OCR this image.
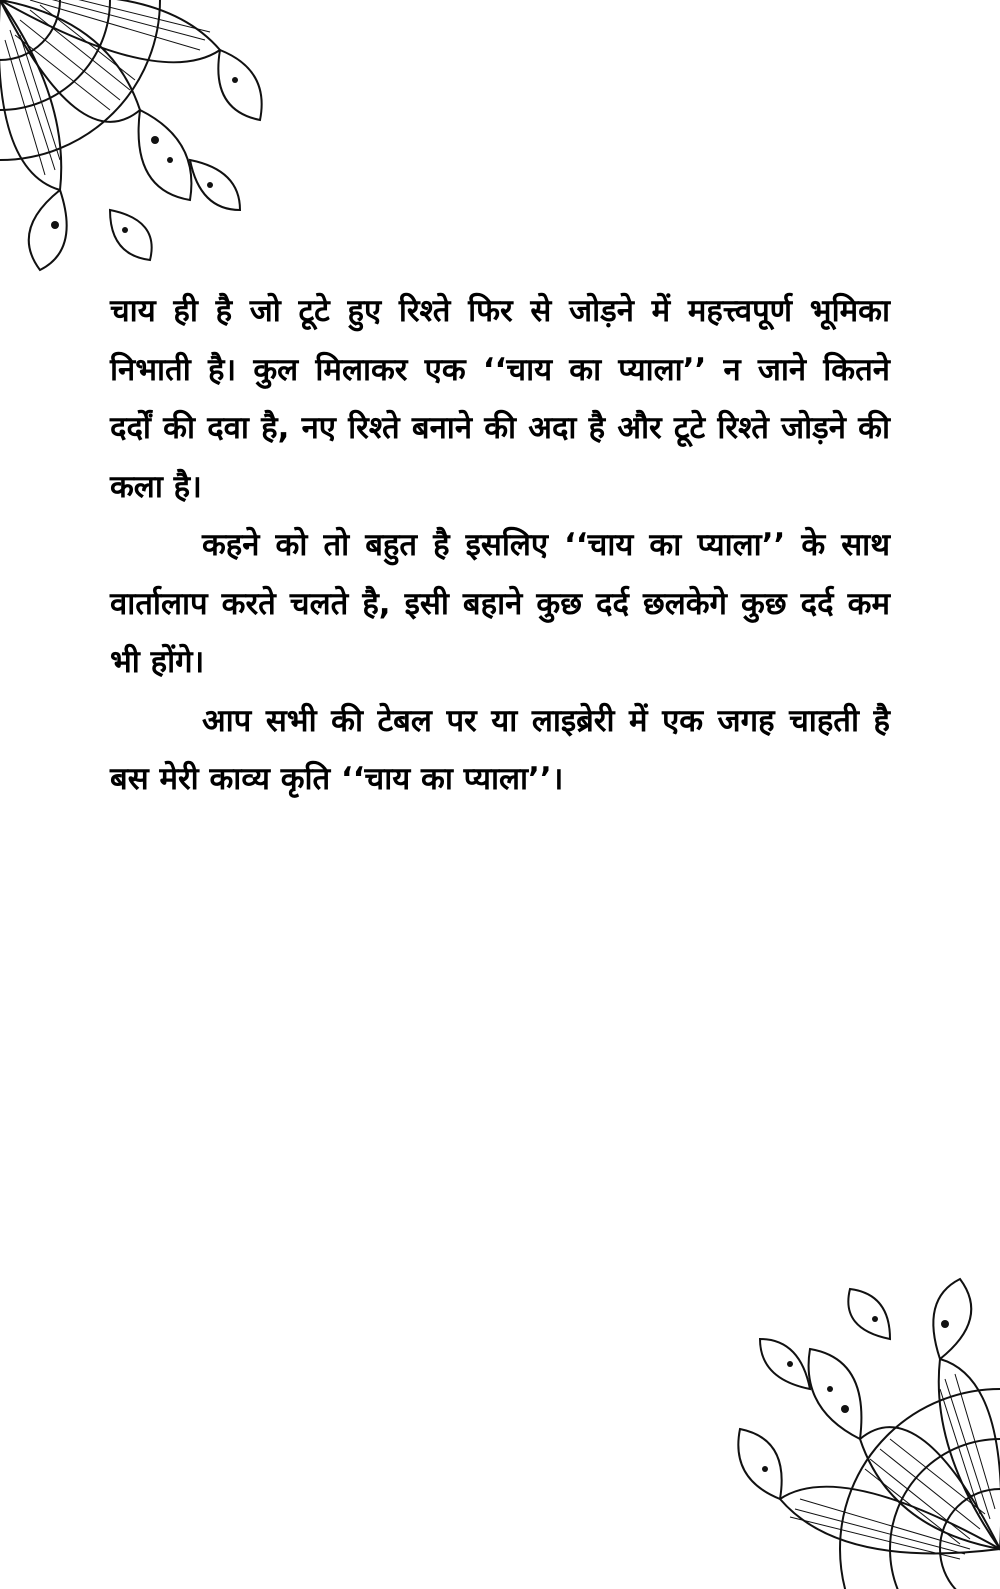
चाय ही है जो टूटे हुए रिश्ते फिर से जोड़ने में महत्त्वपूर्ण भूमिका
निभाती है। कुल मिलाकर एक ‘‘चाय का प्याला’’ न जाने कितने
दर्दों की दवा है, नए रिश्ते बनाने की अदा है और टूटे रिश्ते जोड़ने की
कला है।

कहने को तो बहुत है इसलिए ‘‘चाय का प्याला’’ के साथ
वार्तालाप करते चलते है, इसी बहाने कुछ दर्द छलकेगे कुछ दर्द कम
भी होंगे।

आप सभी की टेबल पर या लाइब्रेरी में एक जगह चाहती है
बस मेरी काव्य कृति ‘‘चाय का प्याला’’।
